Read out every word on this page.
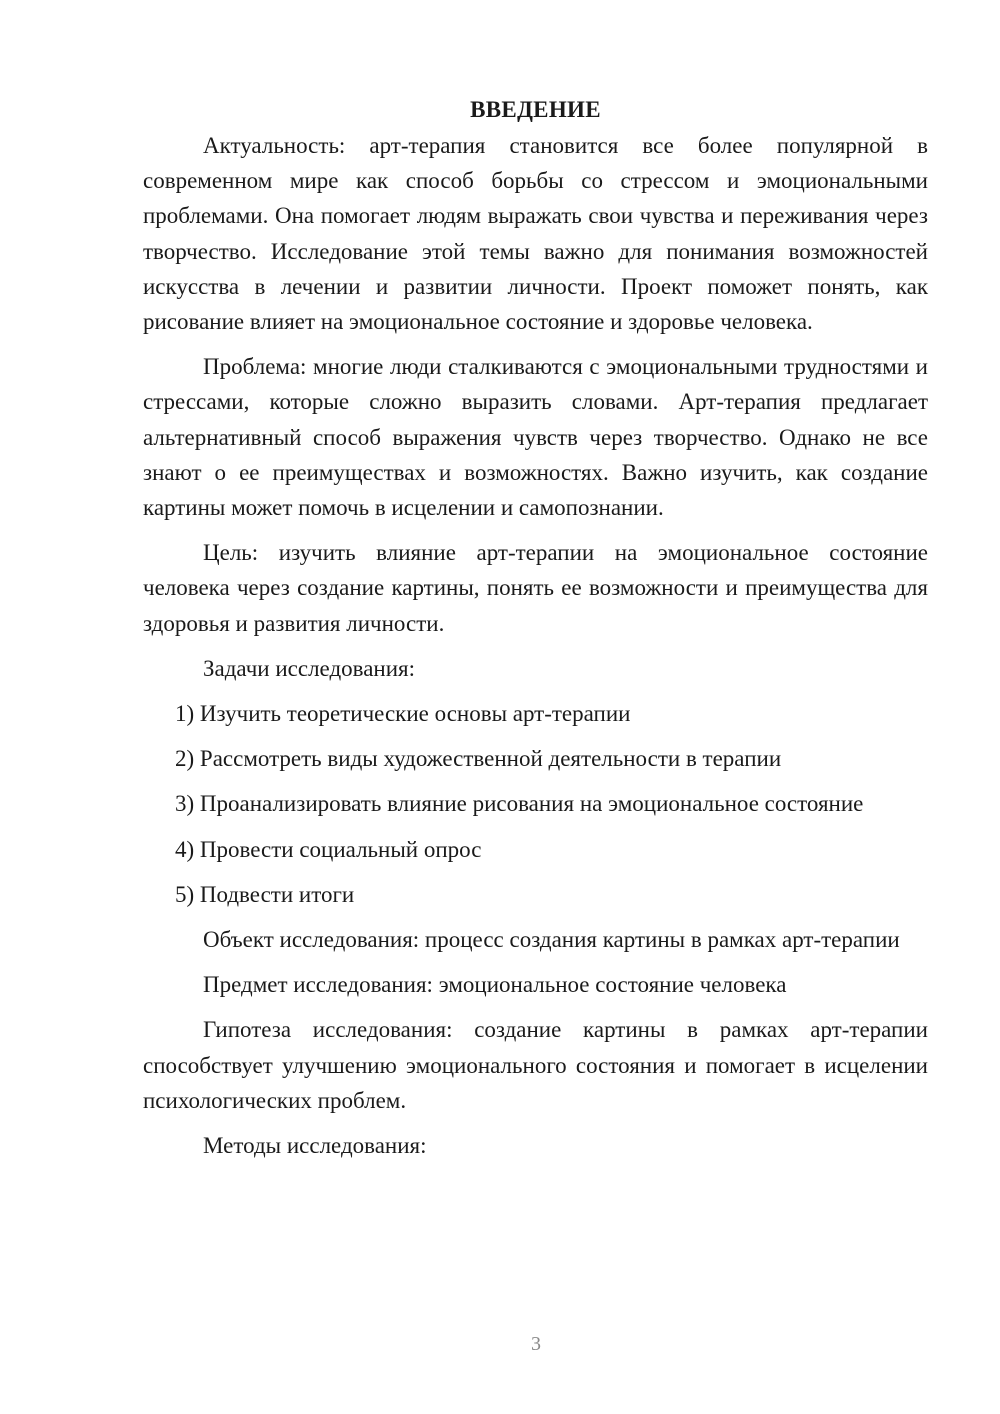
ВВЕДЕНИЕ

Актуальность: арт-терапия становится все более популярной в современном мире как способ борьбы со стрессом и эмоциональными проблемами. Она помогает людям выражать свои чувства и переживания через творчество. Исследование этой темы важно для понимания возможностей искусства в лечении и развитии личности. Проект поможет понять, как рисование влияет на эмоциональное состояние и здоровье человека.

Проблема: многие люди сталкиваются с эмоциональными трудностями и стрессами, которые сложно выразить словами. Арт-терапия предлагает альтернативный способ выражения чувств через творчество. Однако не все знают о ее преимуществах и возможностях. Важно изучить, как создание картины может помочь в исцелении и самопознании.

Цель: изучить влияние арт-терапии на эмоциональное состояние человека через создание картины, понять ее возможности и преимущества для здоровья и развития личности.

Задачи исследования:

1) Изучить теоретические основы арт-терапии

2) Рассмотреть виды художественной деятельности в терапии

3) Проанализировать влияние рисования на эмоциональное состояние

4) Провести социальный опрос

5) Подвести итоги

Объект исследования: процесс создания картины в рамках арт-терапии

Предмет исследования: эмоциональное состояние человека

Гипотеза исследования: создание картины в рамках арт-терапии способствует улучшению эмоционального состояния и помогает в исцелении психологических проблем.

Методы исследования:

3
